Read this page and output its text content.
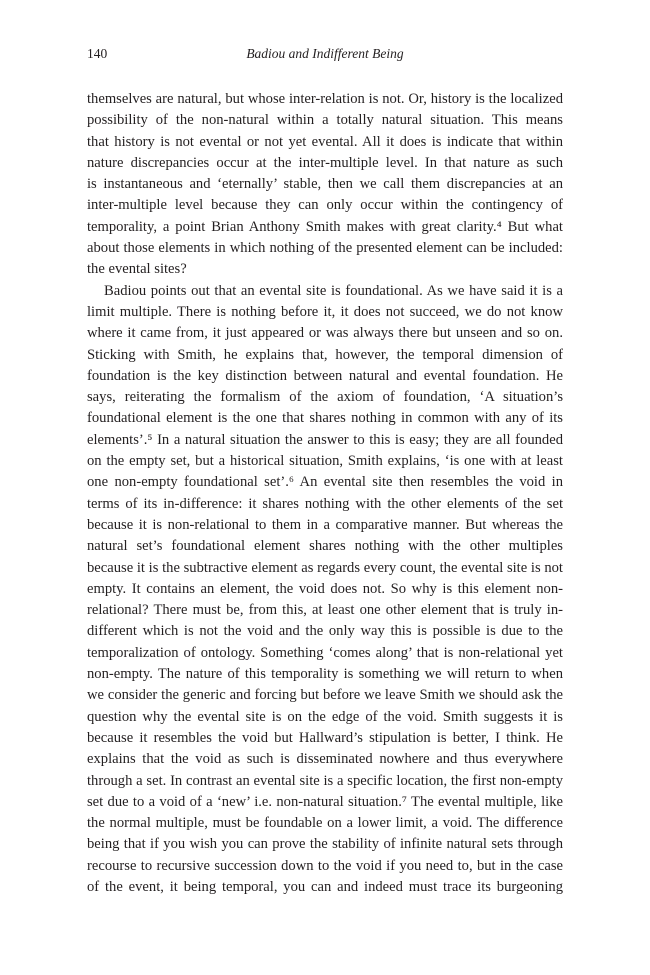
140	Badiou and Indifferent Being
themselves are natural, but whose inter-relation is not. Or, history is the localized
possibility of the non-natural within a totally natural situation. This means
that history is not evental or not yet evental. All it does is indicate that within
nature discrepancies occur at the inter-multiple level. In that nature as such
is instantaneous and ‘eternally’ stable, then we call them discrepancies at an
inter-multiple level because they can only occur within the contingency of
temporality, a point Brian Anthony Smith makes with great clarity.⁴ But what
about those elements in which nothing of the presented element can be included:
the evental sites?
Badiou points out that an evental site is foundational. As we have said it is a
limit multiple. There is nothing before it, it does not succeed, we do not know
where it came from, it just appeared or was always there but unseen and so on.
Sticking with Smith, he explains that, however, the temporal dimension of
foundation is the key distinction between natural and evental foundation. He
says, reiterating the formalism of the axiom of foundation, ‘A situation’s
foundational element is the one that shares nothing in common with any of its
elements’.⁵ In a natural situation the answer to this is easy; they are all founded
on the empty set, but a historical situation, Smith explains, ‘is one with at least
one non-empty foundational set’.⁶ An evental site then resembles the void in
terms of its in-difference: it shares nothing with the other elements of the set
because it is non-relational to them in a comparative manner. But whereas the
natural set’s foundational element shares nothing with the other multiples
because it is the subtractive element as regards every count, the evental site is not
empty. It contains an element, the void does not. So why is this element non-
relational? There must be, from this, at least one other element that is truly in-
different which is not the void and the only way this is possible is due to the
temporalization of ontology. Something ‘comes along’ that is non-relational yet
non-empty. The nature of this temporality is something we will return to when
we consider the generic and forcing but before we leave Smith we should ask the
question why the evental site is on the edge of the void. Smith suggests it is
because it resembles the void but Hallward’s stipulation is better, I think. He
explains that the void as such is disseminated nowhere and thus everywhere
through a set. In contrast an evental site is a specific location, the first non-empty
set due to a void of a ‘new’ i.e. non-natural situation.⁷ The evental multiple, like
the normal multiple, must be foundable on a lower limit, a void. The difference
being that if you wish you can prove the stability of infinite natural sets through
recourse to recursive succession down to the void if you need to, but in the case
of the event, it being temporal, you can and indeed must trace its burgeoning
